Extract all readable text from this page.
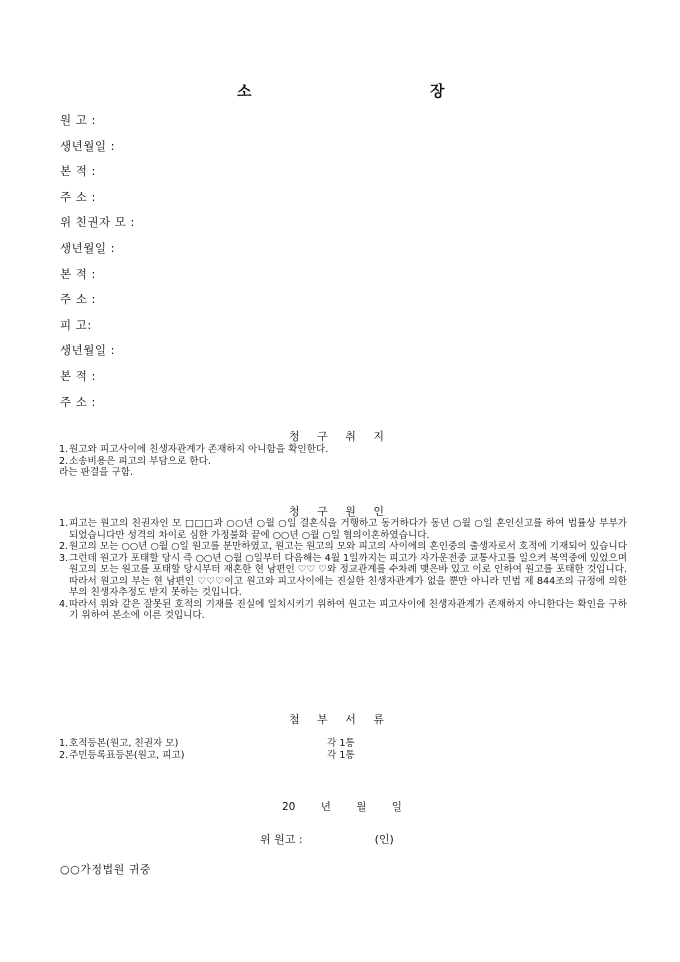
소	장
원 고 :
생년월일 :
본 적 :
주 소 :
위 친권자 모 :
생년월일 :
본 적 :
주 소 :
피 고:
생년월일 :
본 적 :
주 소 :
청 구 취 지
1. 원고와 피고사이에 친생자관계가 존재하지 아니함을 확인한다.
2. 소송비용은 피고의 부담으로 한다.
라는 판결을 구함.
청 구 원 인
1. 피고는 원고의 친권자인 모 □□□과 ○○년 ○월 ○일 결혼식을 거행하고 동거하다가 동년 ○월 ○일 혼인신고를 하여 법률상 부부가 되었습니다만 성격의 차이로 심한 가정불화 끝에 ○○년 ○월 ○일 협의이혼하였습니다.
2. 원고의 모는 ○○년 ○월 ○일 원고를 분만하였고, 원고는 원고의 모와 피고의 사이에의 혼인중의 출생자로서 호적에 기재되어 있습니다
3. 그런데 원고가 포태할 당시 즉 ○○년 ○월 ○일부터 다음해는 4월 1일까지는 피고가 자가운전중 교통사고를 일으켜 복역중에 있었으며 원고의 모는 원고를 포태할 당시부터 재혼한 현 남편인 ♡♡ ♡와 정교관계를 수차례 맺은바 있고 이로 인하여 원고를 포태한 것입니다. 따라서 원고의 부는 현 남편인 ♡♡♡이고 원고와 피고사이에는 진실한 친생자관계가 없을 뿐만 아니라 민법 제 844조의 규정에 의한 부의 친생자추정도 받지 못하는 것입니다.
4. 따라서 위와 같은 잘못된 호적의 기재를 진실에 일치시키기 위하여 원고는 피고사이에 친생자관계가 존재하지 아니한다는 확인을 구하기 위하여 본소에 이른 것입니다.
첨 부 서 류
1. 호적등본(원고, 친권자 모)	각 1통
2. 주민등록표등본(원고, 피고)	각 1통
20 년 월 일
위 원고 :	(인)
○○가정법원 귀중
